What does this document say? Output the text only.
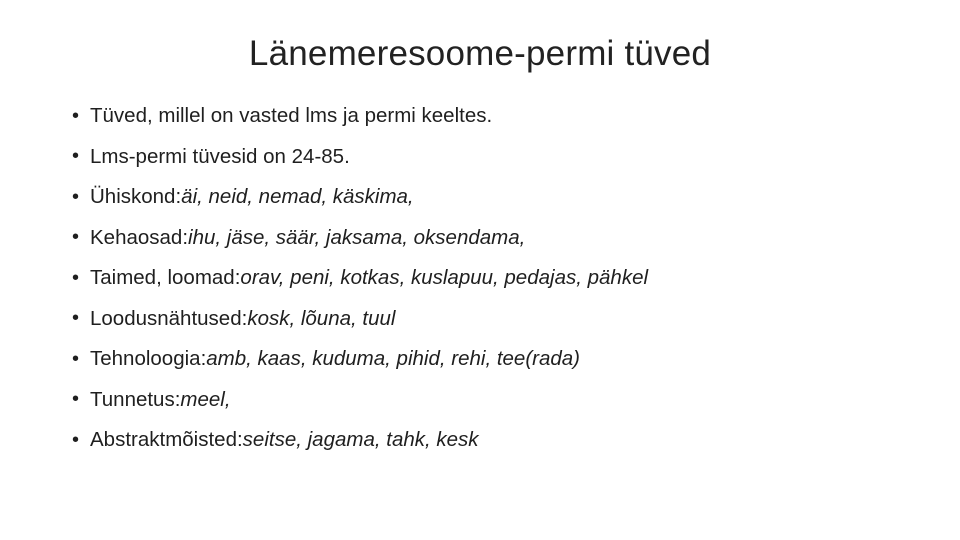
Länemeresoome-permi tüved
• Tüved, millel on vasted lms ja permi keeltes.
• Lms-permi tüvesid on 24-85.
• Ühiskond: äi, neid, nemad, käskima,
• Kehaosad: ihu, jäse, säär, jaksama, oksendama,
• Taimed, loomad: orav, peni, kotkas, kuslapuu, pedajas, pähkel
• Loodusnähtused: kosk, lõuna, tuul
• Tehnoloogia: amb, kaas, kuduma, pihid, rehi, tee(rada)
• Tunnetus: meel,
• Abstraktmõisted: seitse, jagama, tahk, kesk
